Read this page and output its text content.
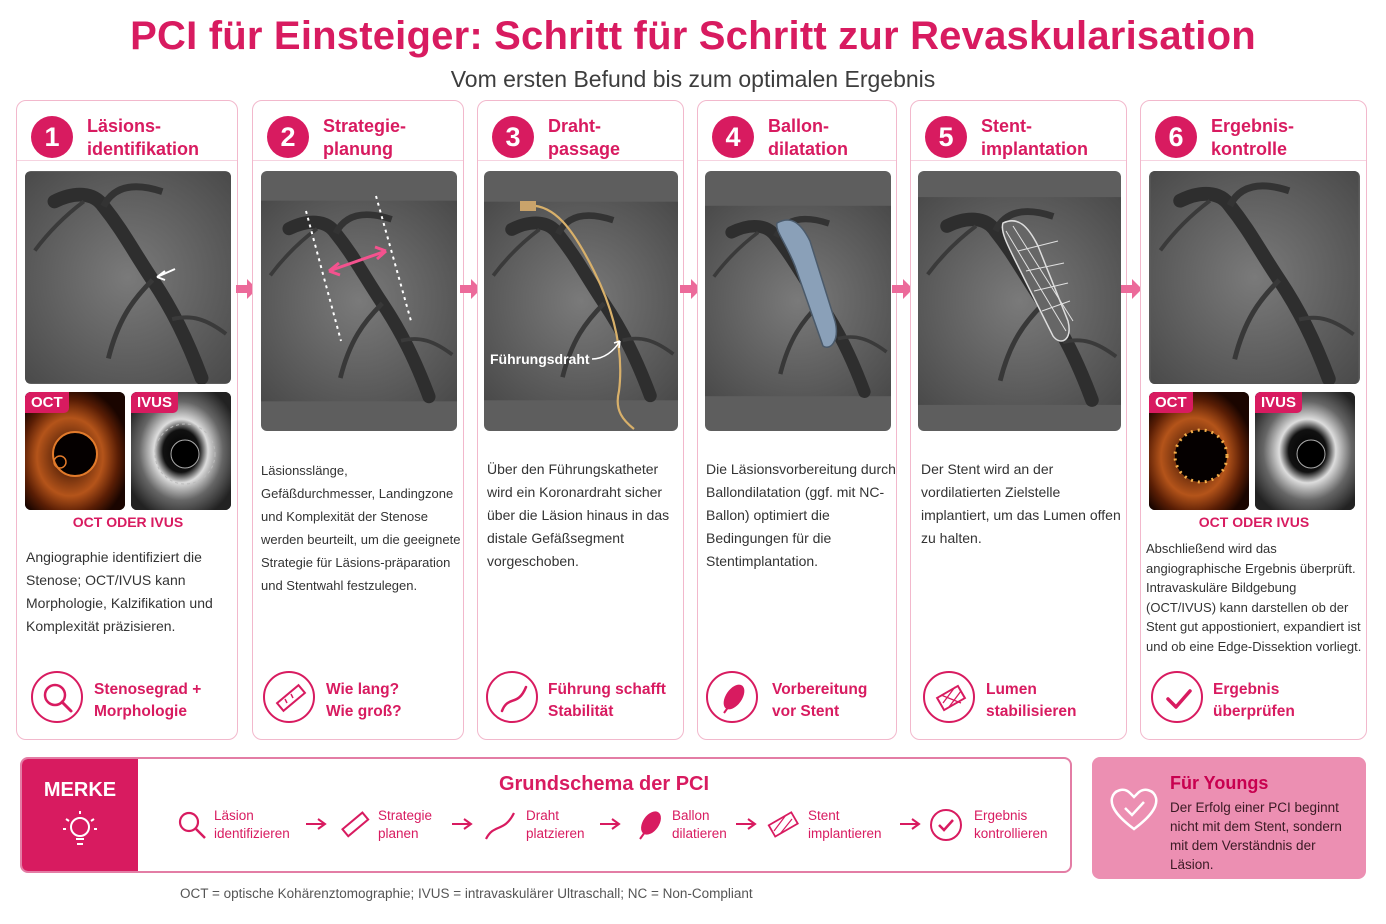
PCI für Einsteiger: Schritt für Schritt zur Revaskularisation
Vom ersten Befund bis zum optimalen Ergebnis
1	Läsions-
identifikation
OCT	IVUS
OCT ODER IVUS
Angiographie identifiziert die Stenose; OCT/IVUS kann Morphologie, Kalzifikation und Komplexität präzisieren.
Stenosegrad +
Morphologie
2	Strategie-
planung
Läsionsslänge, Gefäßdurchmesser, Landingzone und Komplexität der Stenose werden beurteilt, um die geeignete Strategie für Läsions-präparation und Stentwahl festzulegen.
Wie lang?
Wie groß?
3	Draht-
passage
Führungsdraht
Über den Führungskatheter wird ein Koronardraht sicher über die Läsion hinaus in das distale Gefäßsegment vorgeschoben.
Führung schafft
Stabilität
4	Ballon-
dilatation
Die Läsionsvorbereitung durch Ballondilatation (ggf. mit NC-Ballon) optimiert die Bedingungen für die Stentimplantation.
Vorbereitung
vor Stent
5	Stent-
implantation
Der Stent wird an der vordilatierten Zielstelle implantiert, um das Lumen offen zu halten.
Lumen
stabilisieren
6	Ergebnis-
kontrolle
OCT	IVUS
OCT ODER IVUS
Abschließend wird das angiographische Ergebnis überprüft. Intravaskuläre Bildgebung (OCT/IVUS) kann darstellen ob der Stent gut appostioniert, expandiert ist und ob eine Edge-Dissektion vorliegt.
Ergebnis
überprüfen
MERKE	Grundschema der PCI
Läsion
identifizieren
Strategie
planen
Draht
platzieren
Ballon
dilatieren
Stent
implantieren
Ergebnis
kontrollieren
Für Youngs
Der Erfolg einer PCI beginnt nicht mit dem Stent, sondern mit dem Verständnis der Läsion.
OCT = optische Kohärenztomographie; IVUS = intravaskulärer Ultraschall; NC = Non-Compliant
